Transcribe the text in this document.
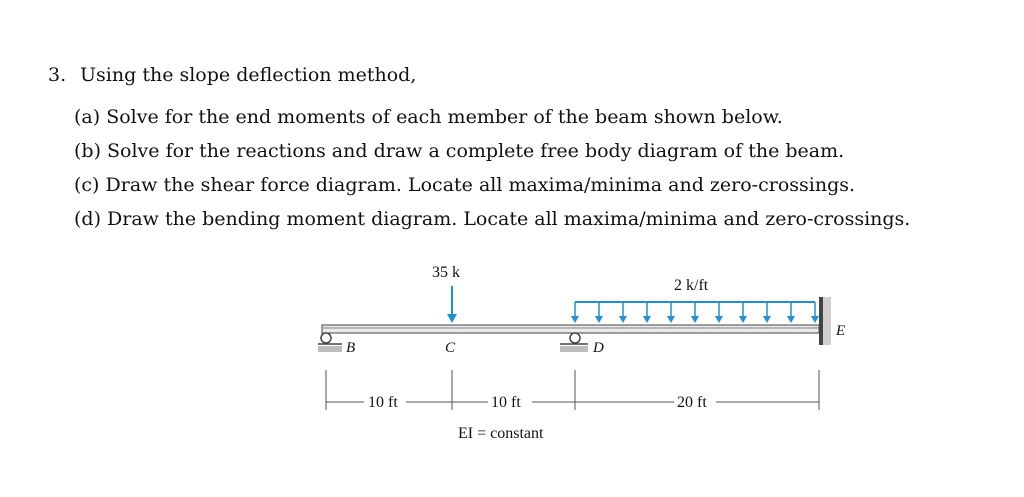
3. Using the slope deflection method,
(a) Solve for the end moments of each member of the beam shown below.
(b) Solve for the reactions and draw a complete free body diagram of the beam.
(c) Draw the shear force diagram. Locate all maxima/minima and zero-crossings.
(d) Draw the bending moment diagram. Locate all maxima/minima and zero-crossings.
B	D
E
C
35 k
2 k/ft
10 ft	10 ft	20 ft
EI = constant
